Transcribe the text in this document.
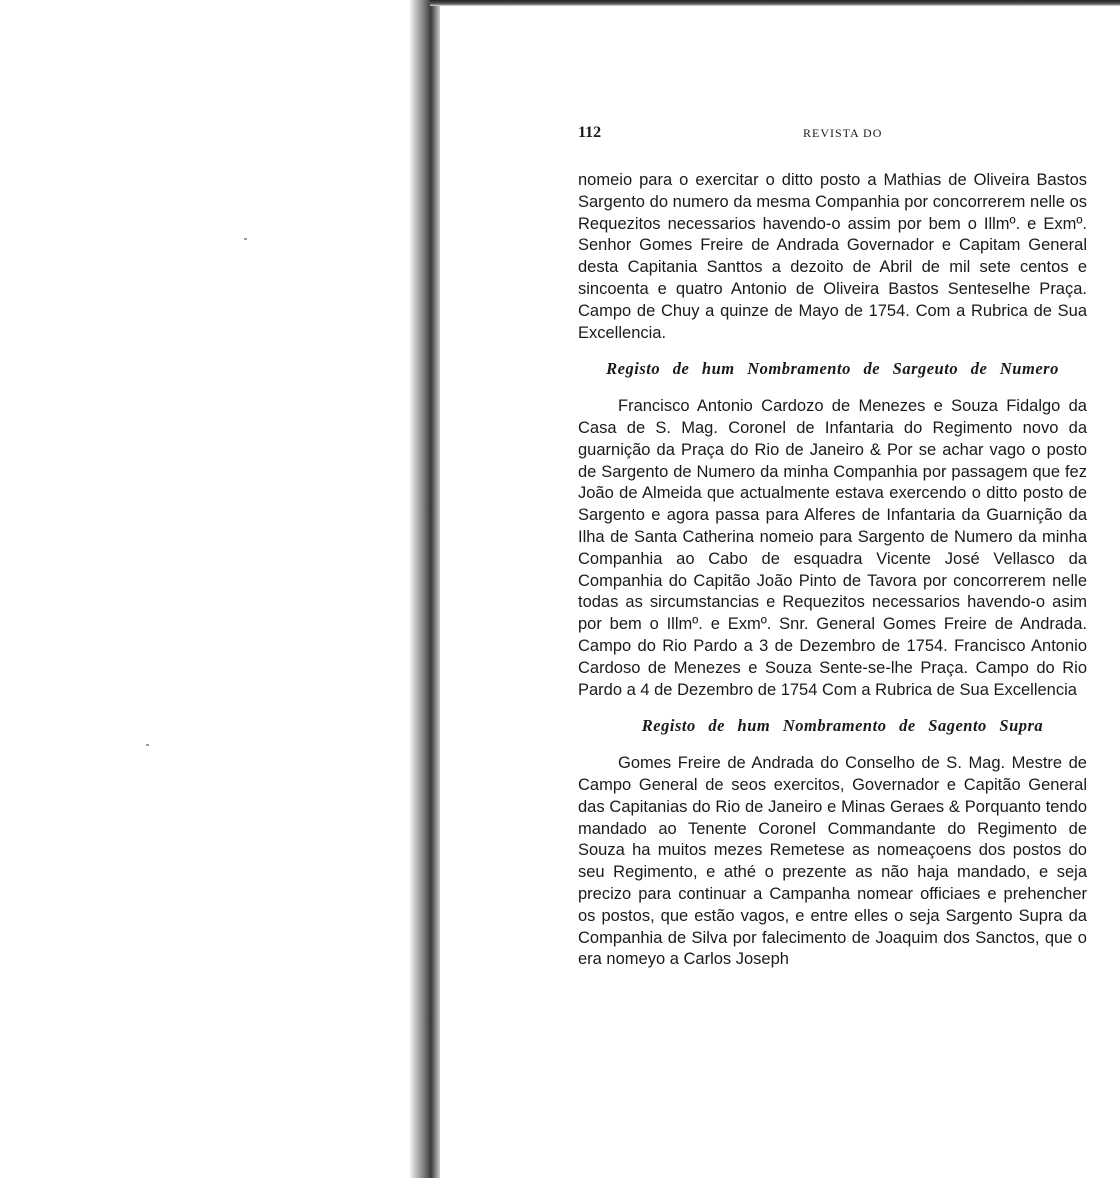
112	REVISTA DO

nomeio para o exercitar o ditto posto a Mathias de Oliveira Bastos Sargento do numero da mesma Companhia por concorrerem nelle os Requezitos necessarios havendo-o assim por bem o Illmº. e Exmº. Senhor Gomes Freire de Andrada Governador e Capitam General desta Capitania Santtos a dezoito de Abril de mil sete centos e sincoenta e quatro Antonio de Oliveira Bastos Senteselhe Praça. Campo de Chuy a quinze de Mayo de 1754. Com a Rubrica de Sua Excellencia.

Registo de hum Nombramento de Sargeuto de Numero

Francisco Antonio Cardozo de Menezes e Souza Fidalgo da Casa de S. Mag. Coronel de Infantaria do Regimento novo da guarnição da Praça do Rio de Janeiro & Por se achar vago o posto de Sargento de Numero da minha Companhia por passagem que fez João de Almeida que actualmente estava exercendo o ditto posto de Sargento e agora passa para Alferes de Infantaria da Guarnição da Ilha de Santa Catherina nomeio para Sargento de Numero da minha Companhia ao Cabo de esquadra Vicente José Vellasco da Companhia do Capitão João Pinto de Tavora por concorrerem nelle todas as sircumstancias e Requezitos necessarios havendo-o asim por bem o Illmº. e Exmº. Snr. General Gomes Freire de Andrada. Campo do Rio Pardo a 3 de Dezembro de 1754. Francisco Antonio Cardoso de Menezes e Souza Sente-se-lhe Praça. Campo do Rio Pardo a 4 de Dezembro de 1754 Com a Rubrica de Sua Excellencia

Registo de hum Nombramento de Sagento Supra

Gomes Freire de Andrada do Conselho de S. Mag. Mestre de Campo General de seos exercitos, Governador e Capitão General das Capitanias do Rio de Janeiro e Minas Geraes & Porquanto tendo mandado ao Tenente Coronel Commandante do Regimento de Souza ha muitos mezes Remetese as nomeaçoens dos postos do seu Regimento, e athé o prezente as não haja mandado, e seja precizo para continuar a Campanha nomear officiaes e prehencher os postos, que estão vagos, e entre elles o seja Sargento Supra da Companhia de Silva por falecimento de Joaquim dos Sanctos, que o era nomeyo a Carlos Joseph
